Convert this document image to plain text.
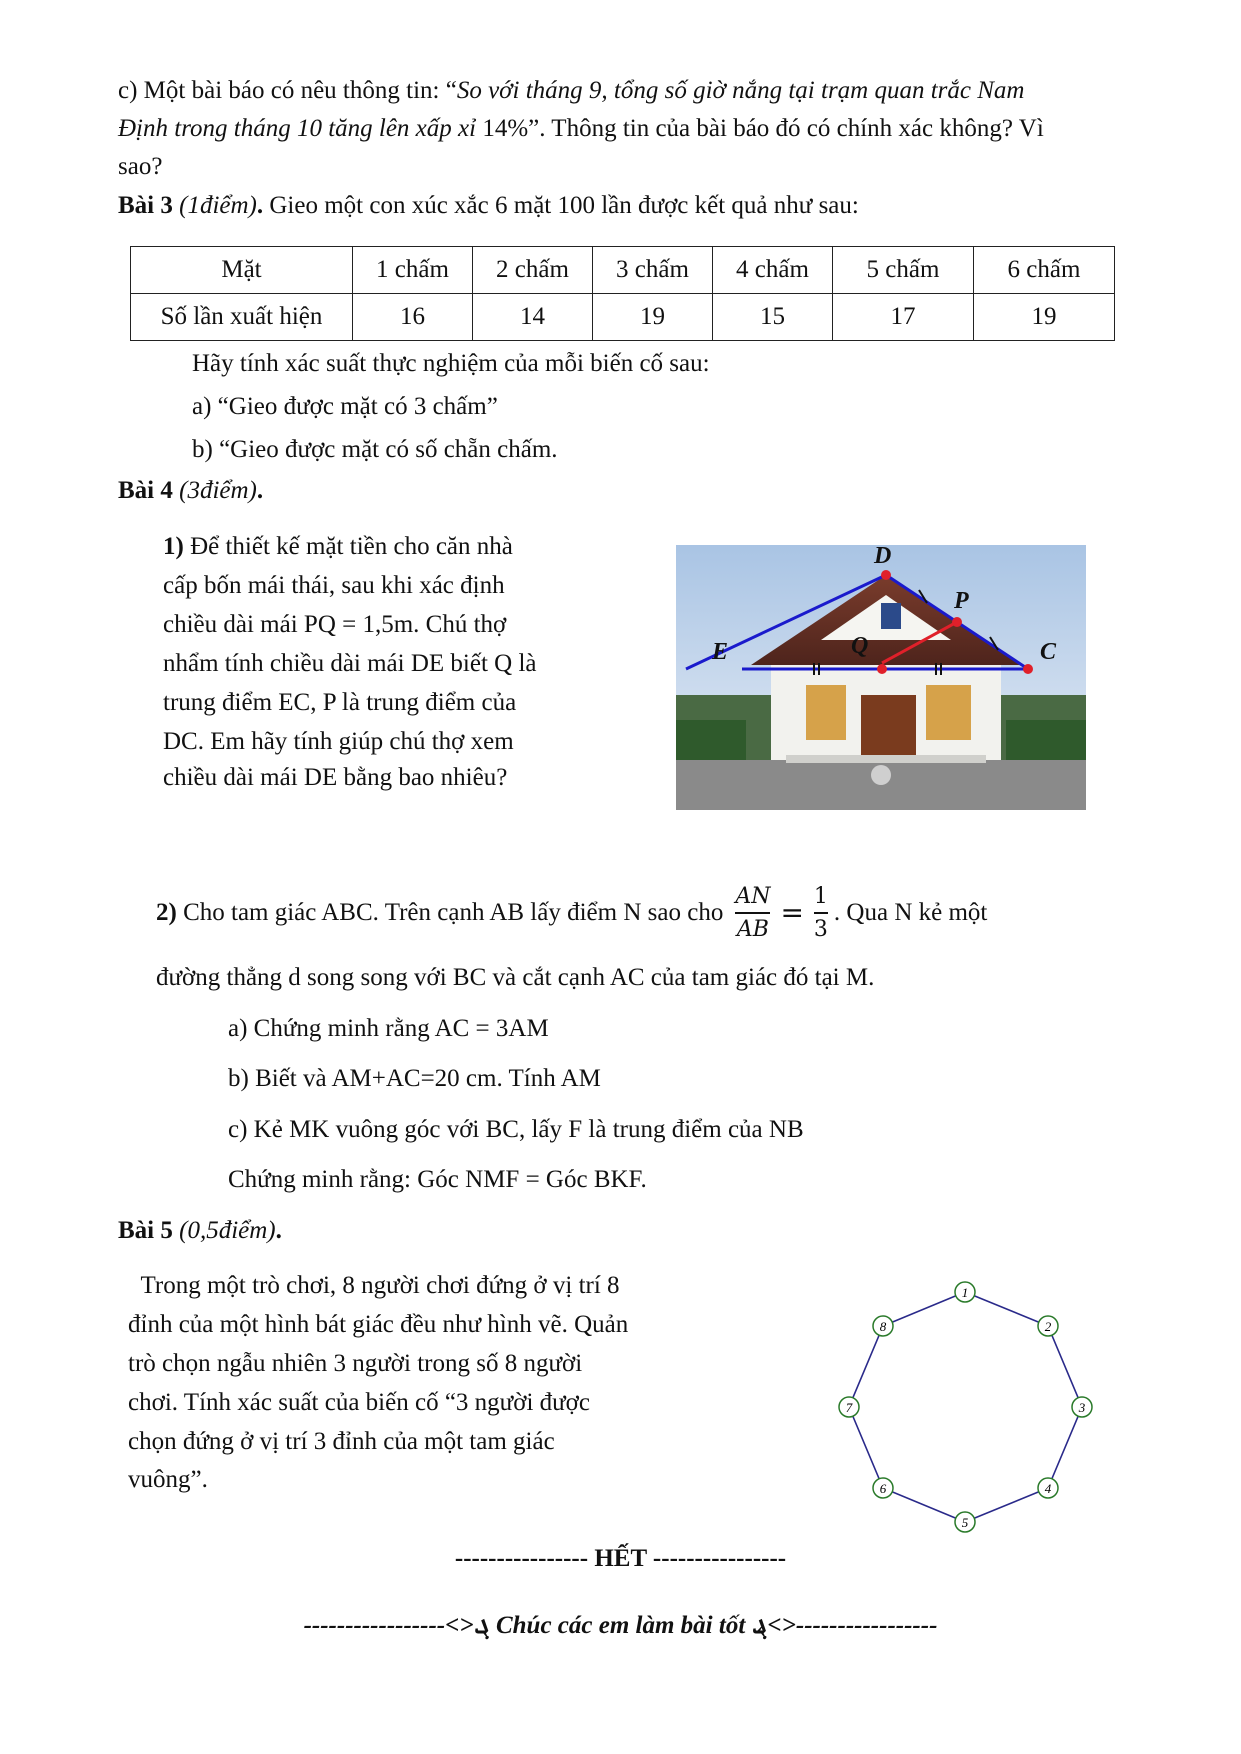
c) Một bài báo có nêu thông tin: “So với tháng 9, tổng số giờ nắng tại trạm quan trắc Nam
Định trong tháng 10 tăng lên xấp xỉ 14%”. Thông tin của bài báo đó có chính xác không? Vì
sao?
Bài 3 (1điểm). Gieo một con xúc xắc 6 mặt 100 lần được kết quả như sau:
Mặt	1 chấm	2 chấm	3 chấm	4 chấm	5 chấm	6 chấm
Số lần xuất hiện	16	14	19	15	17	19
Hãy tính xác suất thực nghiệm của mỗi biến cố sau:
a) “Gieo được mặt có 3 chấm”
b) “Gieo được mặt có số chẵn chấm.
Bài 4 (3điểm).
1) Để thiết kế mặt tiền cho căn nhà
cấp bốn mái thái, sau khi xác định
chiều dài mái PQ = 1,5m. Chú thợ
nhẩm tính chiều dài mái DE biết Q là
trung điểm EC, P là trung điểm của
DC. Em hãy tính giúp chú thợ xem
chiều dài mái DE bằng bao nhiêu?
D
P
Q
E	C
2) Cho tam giác ABC. Trên cạnh AB lấy điểm N sao cho $\frac{AN}{AB} = \frac{1}{3}$ . Qua N kẻ một
đường thẳng d song song với BC và cắt cạnh AC của tam giác đó tại M.
a) Chứng minh rằng AC = 3AM
b) Biết và AM+AC=20 cm. Tính AM
c) Kẻ MK vuông góc với BC, lấy F là trung điểm của NB
Chứng minh rằng: Góc NMF = Góc BKF.
Bài 5 (0,5điểm).
Trong một trò chơi, 8 người chơi đứng ở vị trí 8
đỉnh của một hình bát giác đều như hình vẽ. Quản
trò chọn ngẫu nhiên 3 người trong số 8 người
chơi. Tính xác suất của biến cố “3 người được
chọn đứng ở vị trí 3 đỉnh của một tam giác
vuông”.
1
2
3
4
5
6
7
8
---------------- HẾT ----------------
-----------------<>ܓ Chúc các em làm bài tốt ܔ<>-----------------
